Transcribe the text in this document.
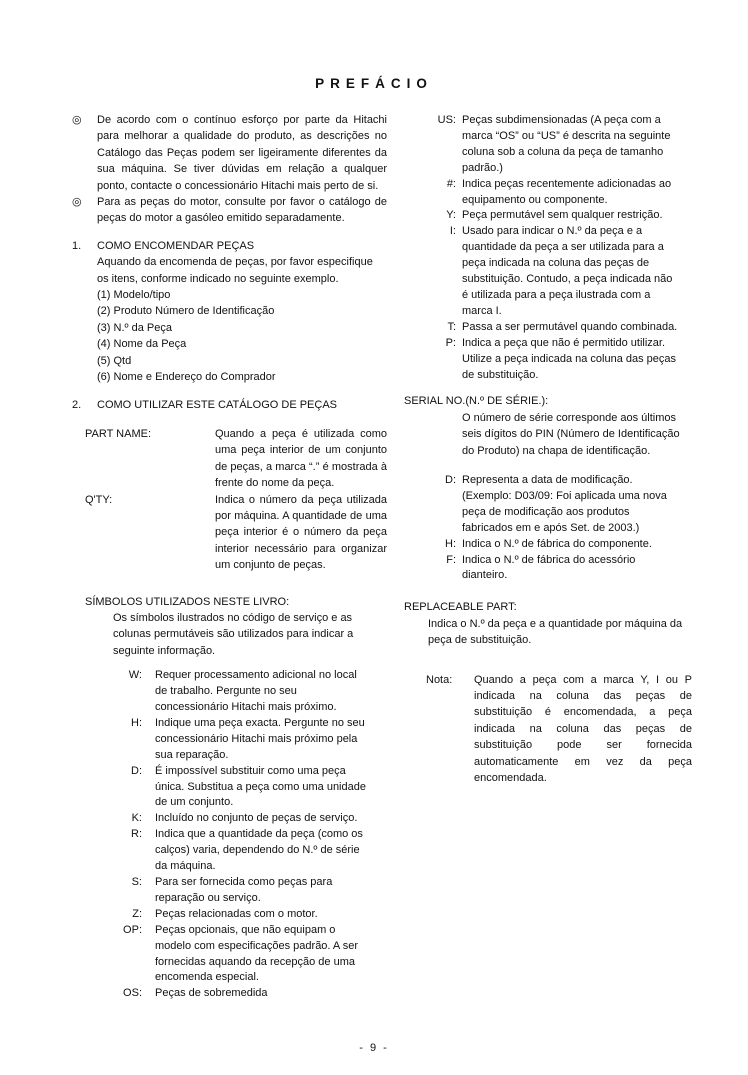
PREFÁCIO
◎	De acordo com o contínuo esforço por parte da Hitachi para melhorar a qualidade do produto, as descrições no Catálogo das Peças podem ser ligeiramente diferentes da sua máquina. Se tiver dúvidas em relação a qualquer ponto, contacte o concessionário Hitachi mais perto de si.
◎	Para as peças do motor, consulte por favor o catálogo de peças do motor a gasóleo emitido separadamente.
1.	COMO ENCOMENDAR PEÇAS
Aquando da encomenda de peças, por favor especifique os itens, conforme indicado no seguinte exemplo.
(1) Modelo/tipo
(2) Produto Número de Identificação
(3) N.º da Peça
(4) Nome da Peça
(5) Qtd
(6) Nome e Endereço do Comprador
2.	COMO UTILIZAR ESTE CATÁLOGO DE PEÇAS
PART NAME:	Quando a peça é utilizada como uma peça interior de um conjunto de peças, a marca “.” é mostrada à frente do nome da peça.
Q'TY:	Indica o número da peça utilizada por máquina. A quantidade de uma peça interior é o número da peça interior necessário para organizar um conjunto de peças.
SÍMBOLOS UTILIZADOS NESTE LIVRO:
Os símbolos ilustrados no código de serviço e as colunas permutáveis são utilizados para indicar a seguinte informação.
W: Requer processamento adicional no local de trabalho. Pergunte no seu concessionário Hitachi mais próximo.
H: Indique uma peça exacta. Pergunte no seu concessionário Hitachi mais próximo pela sua reparação.
D: É impossível substituir como uma peça única. Substitua a peça como uma unidade de um conjunto.
K: Incluído no conjunto de peças de serviço.
R: Indica que a quantidade da peça (como os calços) varia, dependendo do N.º de série da máquina.
S: Para ser fornecida como peças para reparação ou serviço.
Z: Peças relacionadas com o motor.
OP: Peças opcionais, que não equipam o modelo com especificações padrão. A ser fornecidas aquando da recepção de uma encomenda especial.
OS: Peças de sobremedida
US: Peças subdimensionadas (A peça com a marca “OS” ou “US” é descrita na seguinte coluna sob a coluna da peça de tamanho padrão.)
#: Indica peças recentemente adicionadas ao equipamento ou componente.
Y: Peça permutável sem qualquer restrição.
I: Usado para indicar o N.º da peça e a quantidade da peça a ser utilizada para a peça indicada na coluna das peças de substituição. Contudo, a peça indicada não é utilizada para a peça ilustrada com a marca I.
T: Passa a ser permutável quando combinada.
P: Indica a peça que não é permitido utilizar. Utilize a peça indicada na coluna das peças de substituição.
SERIAL NO.(N.º DE SÉRIE.):
O número de série corresponde aos últimos seis dígitos do PIN (Número de Identificação do Produto) na chapa de identificação.
D: Representa a data de modificação. (Exemplo: D03/09: Foi aplicada uma nova peça de modificação aos produtos fabricados em e após Set. de 2003.)
H: Indica o N.º de fábrica do componente.
F: Indica o N.º de fábrica do acessório dianteiro.
REPLACEABLE PART:
Indica o N.º da peça e a quantidade por máquina da peça de substituição.
Nota:	Quando a peça com a marca Y, I ou P indicada na coluna das peças de substituição é encomendada, a peça indicada na coluna das peças de substituição pode ser fornecida automaticamente em vez da peça encomendada.
- 9 -
